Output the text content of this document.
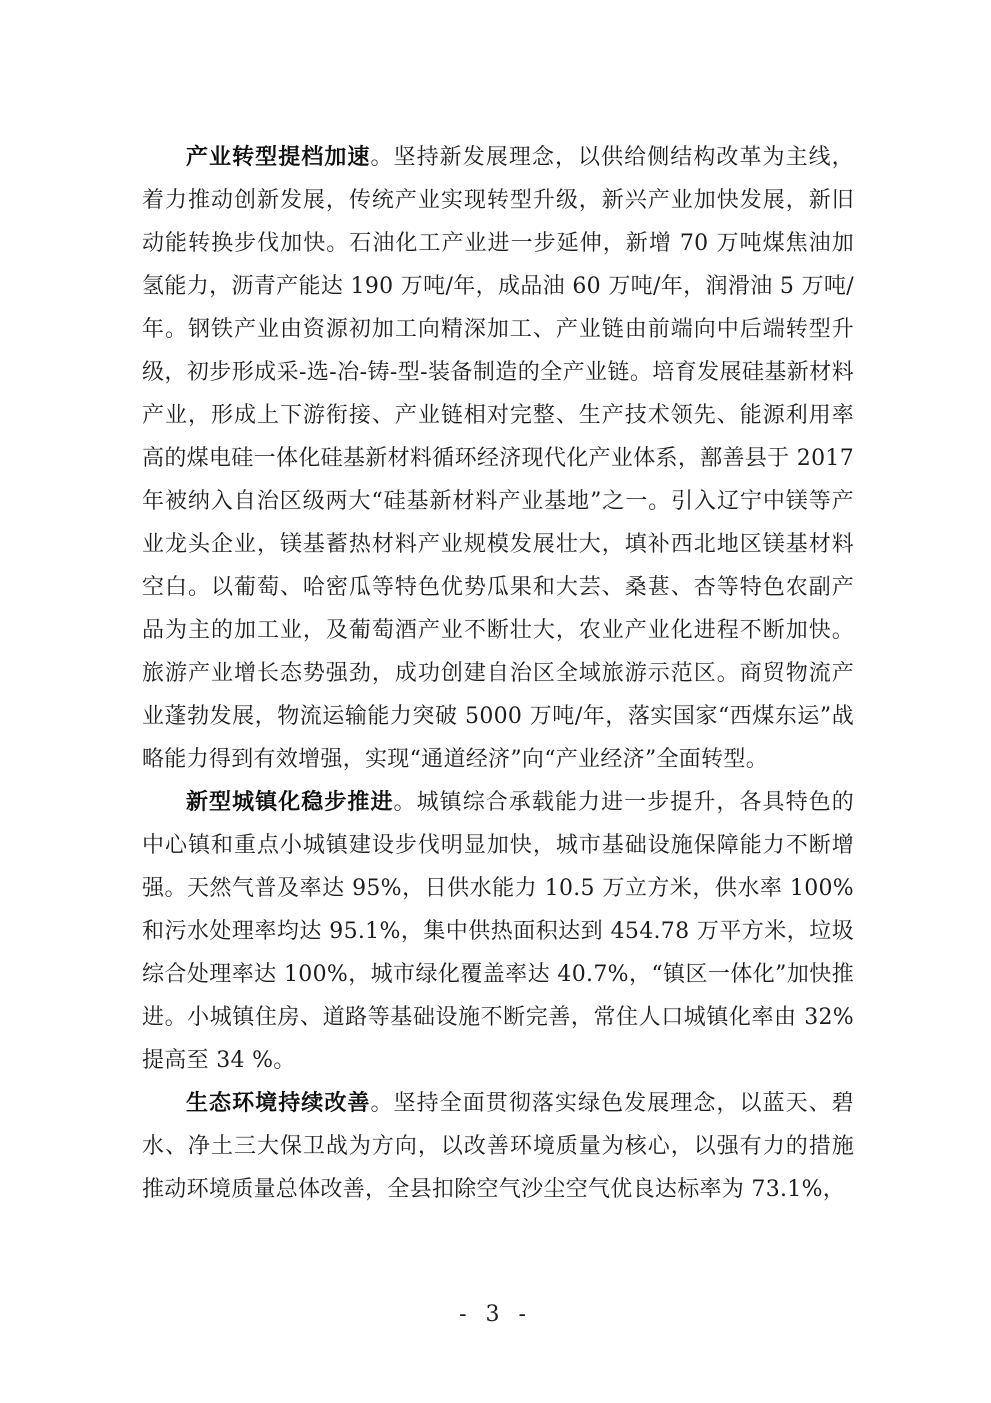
产业转型提档加速。坚持新发展理念，以供给侧结构改革为主线，着力推动创新发展，传统产业实现转型升级，新兴产业加快发展，新旧动能转换步伐加快。石油化工产业进一步延伸，新增 70 万吨煤焦油加氢能力，沥青产能达 190 万吨/年，成品油 60 万吨/年，润滑油 5 万吨/年。钢铁产业由资源初加工向精深加工、产业链由前端向中后端转型升级，初步形成采-选-冶-铸-型-装备制造的全产业链。培育发展硅基新材料产业，形成上下游衔接、产业链相对完整、生产技术领先、能源利用率高的煤电硅一体化硅基新材料循环经济现代化产业体系，鄯善县于 2017 年被纳入自治区级两大“硅基新材料产业基地”之一。引入辽宁中镁等产业龙头企业，镁基蓄热材料产业规模发展壮大，填补西北地区镁基材料空白。以葡萄、哈密瓜等特色优势瓜果和大芸、桑葚、杏等特色农副产品为主的加工业，及葡萄酒产业不断壮大，农业产业化进程不断加快。旅游产业增长态势强劲，成功创建自治区全域旅游示范区。商贸物流产业蓬勃发展，物流运输能力突破 5000 万吨/年，落实国家“西煤东运”战略能力得到有效增强，实现“通道经济”向“产业经济”全面转型。

新型城镇化稳步推进。城镇综合承载能力进一步提升，各具特色的中心镇和重点小城镇建设步伐明显加快，城市基础设施保障能力不断增强。天然气普及率达 95%，日供水能力 10.5 万立方米，供水率 100%和污水处理率均达 95.1%，集中供热面积达到 454.78 万平方米，垃圾综合处理率达 100%，城市绿化覆盖率达 40.7%，“镇区一体化”加快推进。小城镇住房、道路等基础设施不断完善，常住人口城镇化率由 32%提高至 34 %。

生态环境持续改善。坚持全面贯彻落实绿色发展理念，以蓝天、碧水、净土三大保卫战为方向，以改善环境质量为核心，以强有力的措施推动环境质量总体改善，全县扣除空气沙尘空气优良达标率为 73.1%，

- 3 -
